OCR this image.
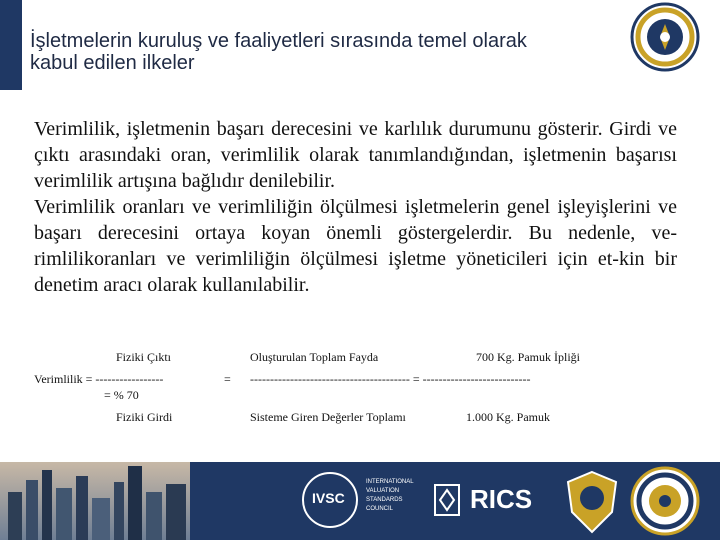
İşletmelerin kuruluş ve faaliyetleri sırasında temel olarak
kabul edilen ilkeler

Verimlilik, işletmenin başarı derecesini ve karlılık durumunu gösterir. Girdi ve çıktı arasındaki oran, verimlilik olarak tanımlandığından, işletmenin başarısı verimlilik artışına bağlıdır denilebilir.

Verimlilik oranları ve verimliliğin ölçülmesi işletmelerin genel işleyişlerini ve başarı derecesini ortaya koyan önemli göstergelerdir. Bu nedenle, ve-rimlilikoranları ve verimliliğin ölçülmesi işletme yöneticileri için et-kin bir denetim aracı olarak kullanılabilir.

Fiziki Çıktı	Oluşturulan Toplam Fayda	700 Kg. Pamuk İpliği
Verimlilik = -----------------	= ---------------------------------------- = ---------------------------
= % 70
Fiziki Girdi	Sisteme Giren Değerler Toplamı	1.000 Kg. Pamuk
IVSC
INTERNATIONAL
VALUATION
STANDARDS
COUNCIL	RICS
